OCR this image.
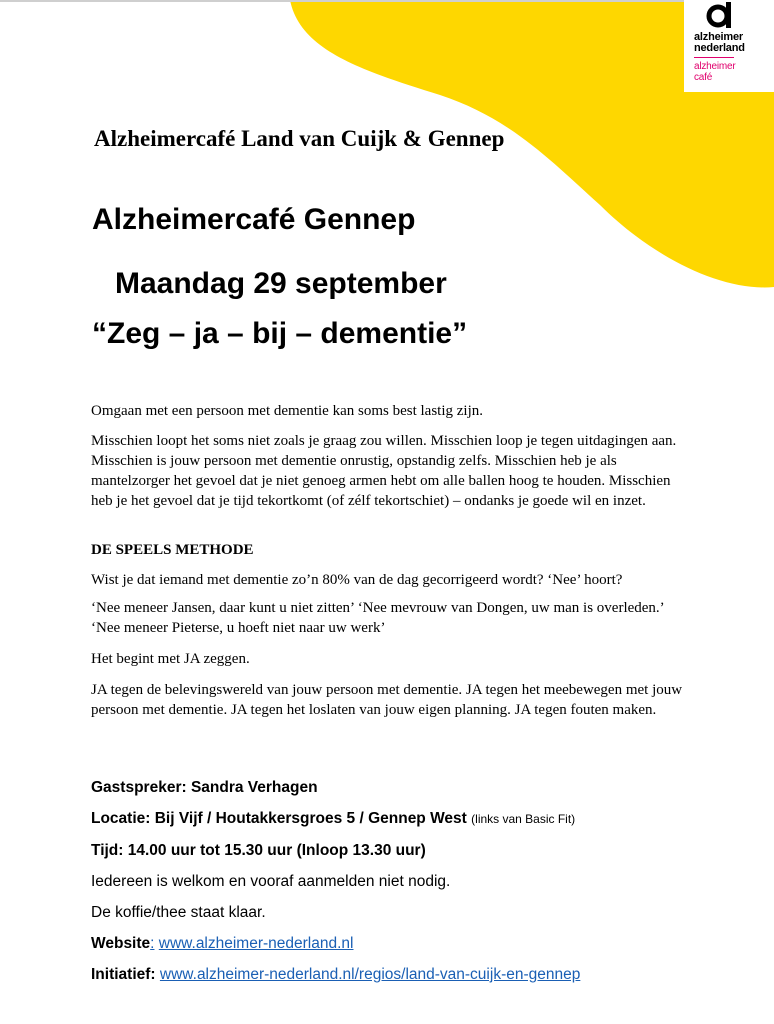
alzheimer
nederland
alzheimer
café
Alzheimercafé Land van Cuijk & Gennep
Alzheimercafé Gennep
Maandag 29 september
“Zeg – ja – bij – dementie”
Omgaan met een persoon met dementie kan soms best lastig zijn.
Misschien loopt het soms niet zoals je graag zou willen. Misschien loop je tegen uitdagingen aan. Misschien is jouw persoon met dementie onrustig, opstandig zelfs. Misschien heb je als mantelzorger het gevoel dat je niet genoeg armen hebt om alle ballen hoog te houden. Misschien heb je het gevoel dat je tijd tekortkomt (of zélf tekortschiet) – ondanks je goede wil en inzet.
DE SPEELS METHODE
Wist je dat iemand met dementie zo’n 80% van de dag gecorrigeerd wordt? ‘Nee’ hoort?
‘Nee meneer Jansen, daar kunt u niet zitten’ ‘Nee mevrouw van Dongen, uw man is overleden.’ ‘Nee meneer Pieterse, u hoeft niet naar uw werk’
Het begint met JA zeggen.
JA tegen de belevingswereld van jouw persoon met dementie. JA tegen het meebewegen met jouw persoon met dementie. JA tegen het loslaten van jouw eigen planning. JA tegen fouten maken.
Gastspreker: Sandra Verhagen
Locatie: Bij Vijf / Houtakkersgroes 5 / Gennep West (links van Basic Fit)
Tijd: 14.00 uur tot 15.30 uur (Inloop 13.30 uur)
Iedereen is welkom en vooraf aanmelden niet nodig.
De koffie/thee staat klaar.
Website: www.alzheimer-nederland.nl
Initiatief: www.alzheimer-nederland.nl/regios/land-van-cuijk-en-gennep
